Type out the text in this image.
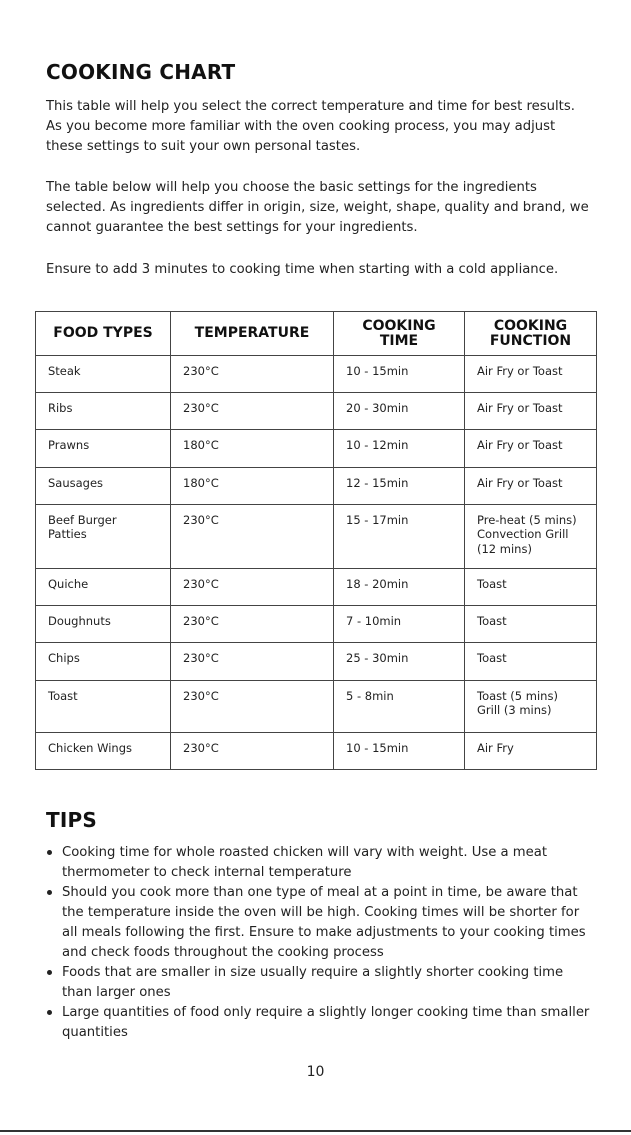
COOKING CHART

This table will help you select the correct temperature and time for best results. As you become more familiar with the oven cooking process, you may adjust these settings to suit your own personal tastes.

The table below will help you choose the basic settings for the ingredients selected. As ingredients differ in origin, size, weight, shape, quality and brand, we cannot guarantee the best settings for your ingredients.

Ensure to add 3 minutes to cooking time when starting with a cold appliance.

FOOD TYPES	TEMPERATURE	COOKING TIME	COOKING FUNCTION
Steak	230°C	10 - 15min	Air Fry or Toast
Ribs	230°C	20 - 30min	Air Fry or Toast
Prawns	180°C	10 - 12min	Air Fry or Toast
Sausages	180°C	12 - 15min	Air Fry or Toast
Beef Burger Patties	230°C	15 - 17min	Pre-heat (5 mins) Convection Grill (12 mins)
Quiche	230°C	18 - 20min	Toast
Doughnuts	230°C	7 - 10min	Toast
Chips	230°C	25 - 30min	Toast
Toast	230°C	5 - 8min	Toast (5 mins) Grill (3 mins)
Chicken Wings	230°C	10 - 15min	Air Fry
TIPS
Cooking time for whole roasted chicken will vary with weight. Use a meat thermometer to check internal temperature
Should you cook more than one type of meal at a point in time, be aware that the temperature inside the oven will be high. Cooking times will be shorter for all meals following the first. Ensure to make adjustments to your cooking times and check foods throughout the cooking process
Foods that are smaller in size usually require a slightly shorter cooking time than larger ones
Large quantities of food only require a slightly longer cooking time than smaller quantities
10
